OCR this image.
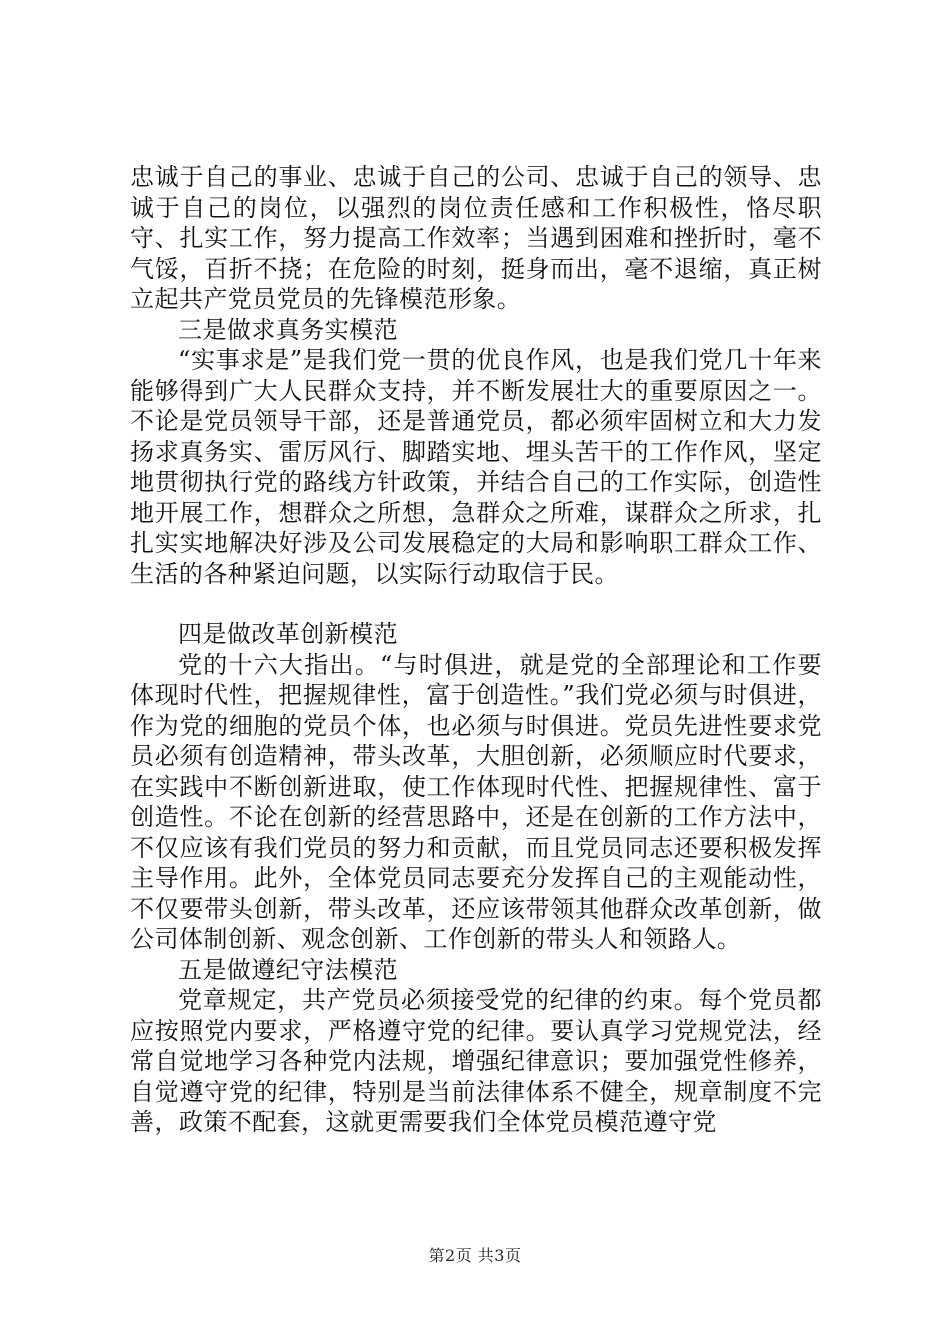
忠诚于自己的事业、忠诚于自己的公司、忠诚于自己的领导、忠诚于自己的岗位，以强烈的岗位责任感和工作积极性，恪尽职守、扎实工作，努力提高工作效率；当遇到困难和挫折时，毫不气馁，百折不挠；在危险的时刻，挺身而出，毫不退缩，真正树立起共产党员党员的先锋模范形象。

三是做求真务实模范

“实事求是”是我们党一贯的优良作风，也是我们党几十年来能够得到广大人民群众支持，并不断发展壮大的重要原因之一。不论是党员领导干部，还是普通党员，都必须牢固树立和大力发扬求真务实、雷厉风行、脚踏实地、埋头苦干的工作作风，坚定地贯彻执行党的路线方针政策，并结合自己的工作实际，创造性地开展工作，想群众之所想，急群众之所难，谋群众之所求，扎扎实实地解决好涉及公司发展稳定的大局和影响职工群众工作、生活的各种紧迫问题，以实际行动取信于民。

四是做改革创新模范

党的十六大指出。“与时俱进，就是党的全部理论和工作要体现时代性，把握规律性，富于创造性。”我们党必须与时俱进，作为党的细胞的党员个体，也必须与时俱进。党员先进性要求党员必须有创造精神，带头改革，大胆创新，必须顺应时代要求，在实践中不断创新进取，使工作体现时代性、把握规律性、富于创造性。不论在创新的经营思路中，还是在创新的工作方法中，不仅应该有我们党员的努力和贡献，而且党员同志还要积极发挥主导作用。此外，全体党员同志要充分发挥自己的主观能动性，不仅要带头创新，带头改革，还应该带领其他群众改革创新，做公司体制创新、观念创新、工作创新的带头人和领路人。

五是做遵纪守法模范

党章规定，共产党员必须接受党的纪律的约束。每个党员都应按照党内要求，严格遵守党的纪律。要认真学习党规党法，经常自觉地学习各种党内法规，增强纪律意识；要加强党性修养，自觉遵守党的纪律，特别是当前法律体系不健全，规章制度不完善，政策不配套，这就更需要我们全体党员模范遵守党

第2页 共3页
